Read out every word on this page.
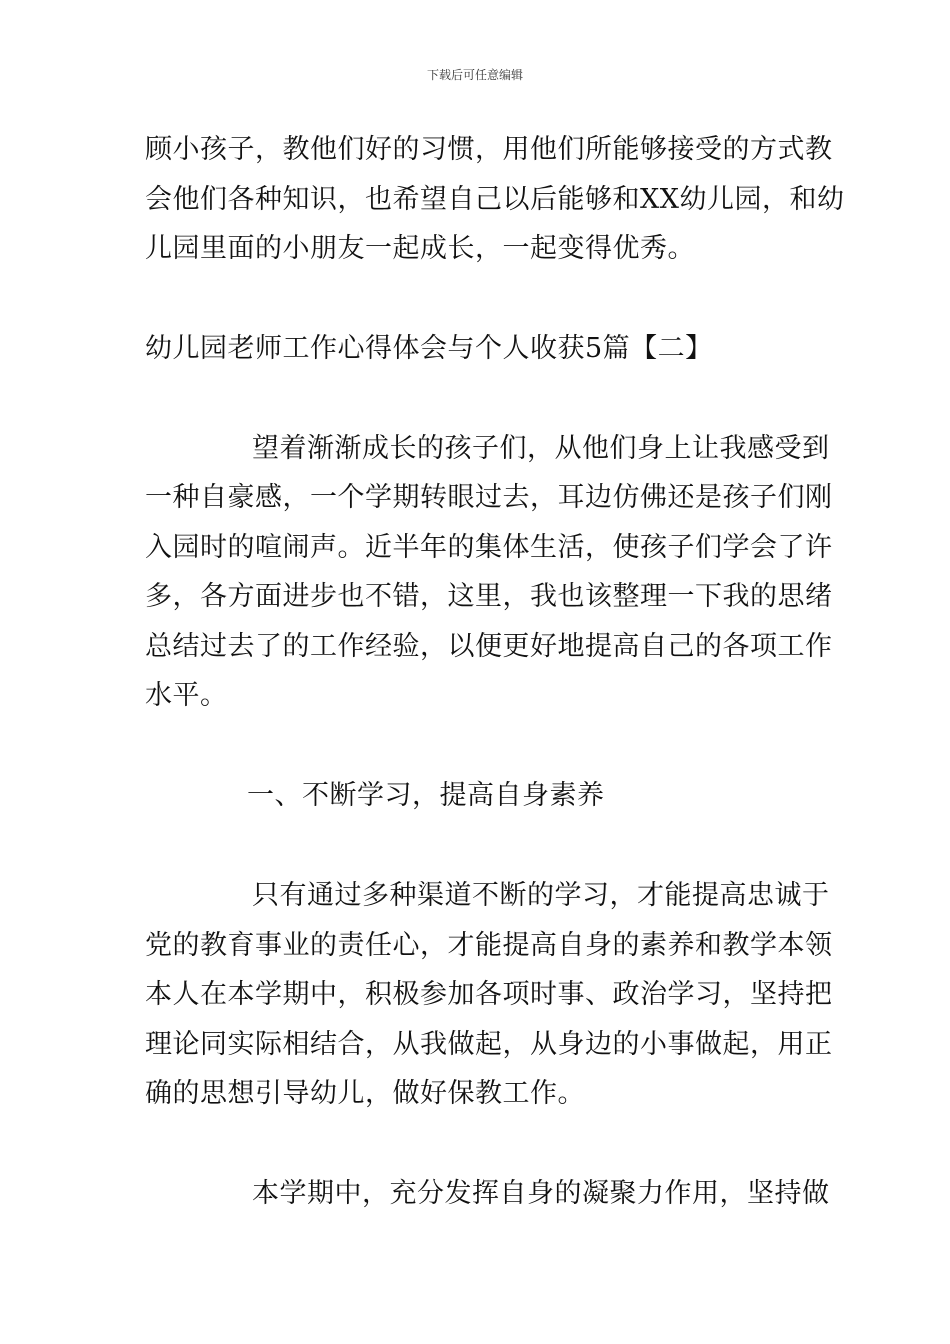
下载后可任意编辑
顾小孩子，教他们好的习惯，用他们所能够接受的方式教
会他们各种知识，也希望自己以后能够和XX幼儿园，和幼
儿园里面的小朋友一起成长，一起变得优秀。
幼儿园老师工作心得体会与个人收获5篇【二】
望着渐渐成长的孩子们，从他们身上让我感受到
一种自豪感，一个学期转眼过去，耳边仿佛还是孩子们刚
入园时的喧闹声。近半年的集体生活，使孩子们学会了许
多，各方面进步也不错，这里，我也该整理一下我的思绪
总结过去了的工作经验，以便更好地提高自己的各项工作
水平。
一、不断学习，提高自身素养
只有通过多种渠道不断的学习，才能提高忠诚于
党的教育事业的责任心，才能提高自身的素养和教学本领
本人在本学期中，积极参加各项时事、政治学习，坚持把
理论同实际相结合，从我做起，从身边的小事做起，用正
确的思想引导幼儿，做好保教工作。
本学期中，充分发挥自身的凝聚力作用，坚持做
